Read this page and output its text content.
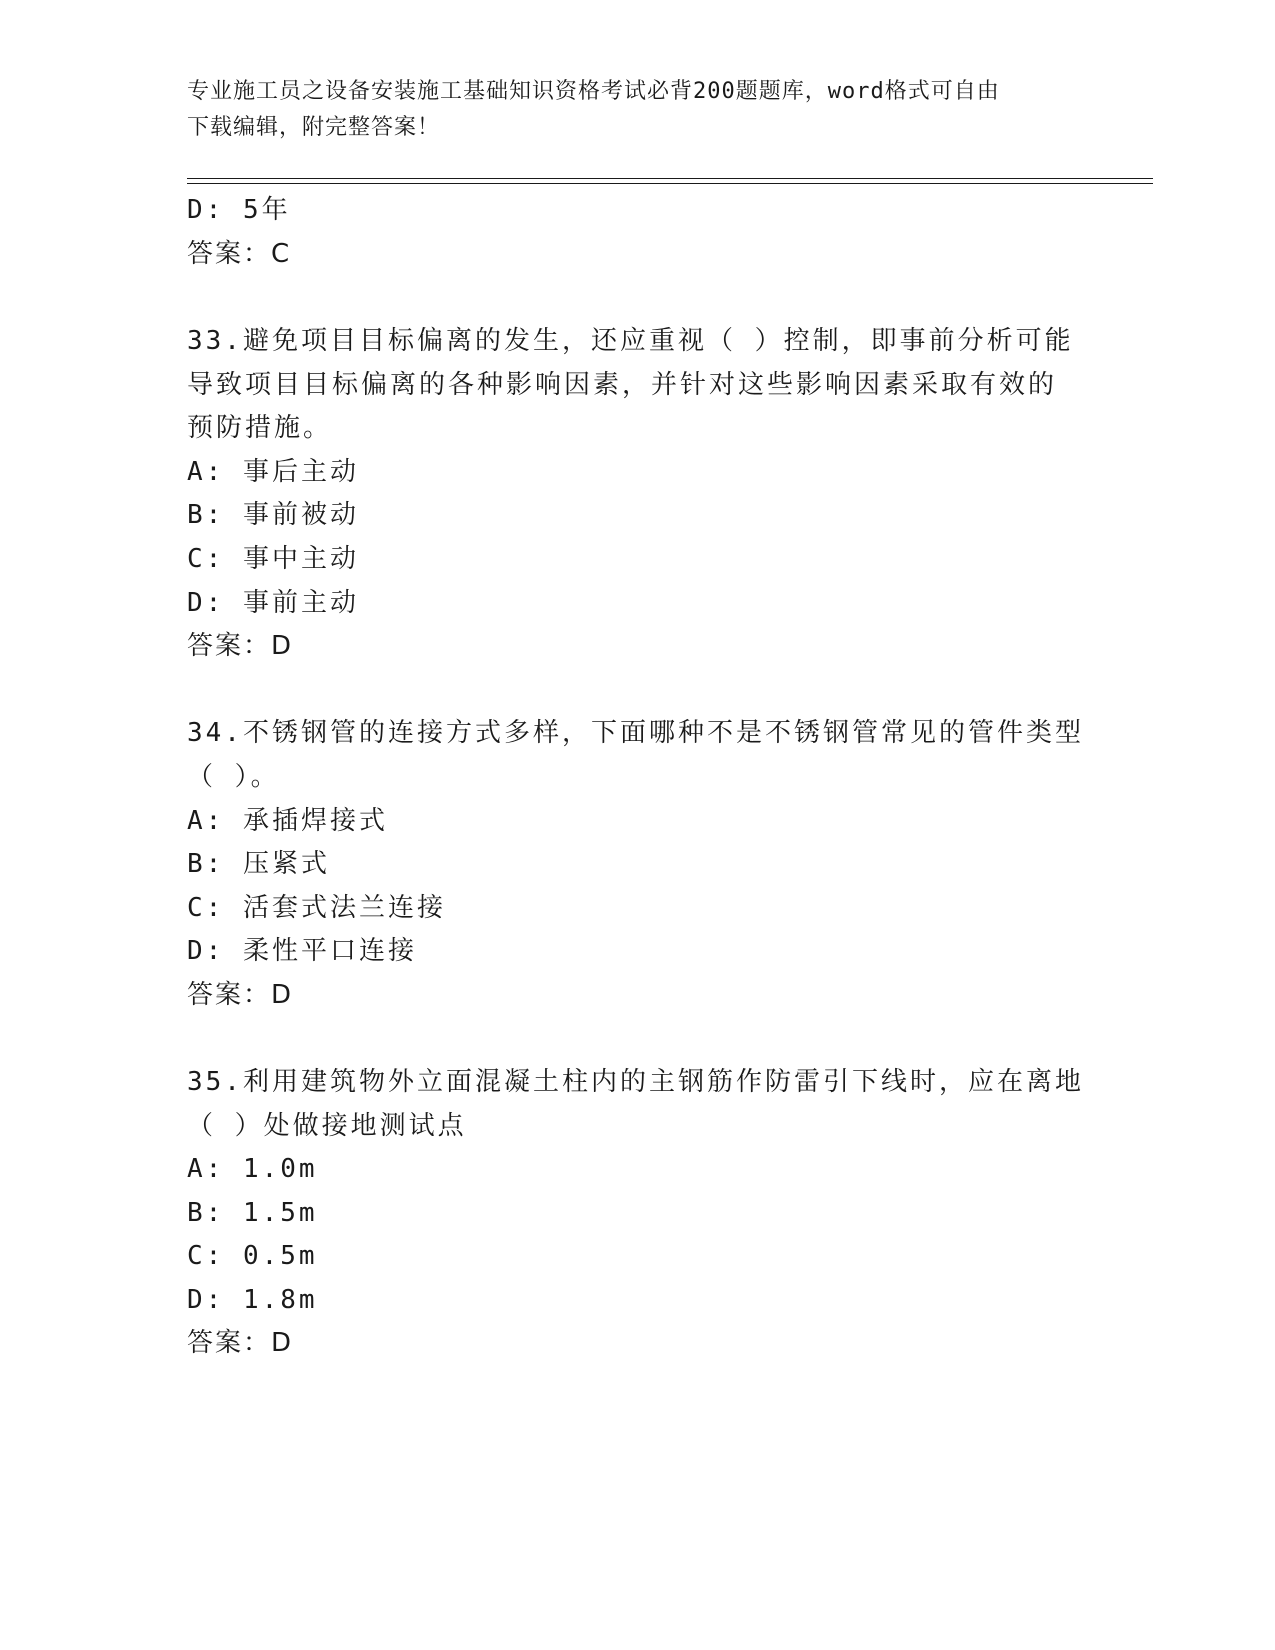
专业施工员之设备安装施工基础知识资格考试必背200题题库，word格式可自由
下载编辑，附完整答案！
D: 5年
答案：C
33.避免项目目标偏离的发生，还应重视（ ）控制，即事前分析可能
导致项目目标偏离的各种影响因素，并针对这些影响因素采取有效的
预防措施。
A: 事后主动
B: 事前被动
C: 事中主动
D: 事前主动
答案：D
34.不锈钢管的连接方式多样，下面哪种不是不锈钢管常见的管件类型
（ ）。
A: 承插焊接式
B: 压紧式
C: 活套式法兰连接
D: 柔性平口连接
答案：D
35.利用建筑物外立面混凝土柱内的主钢筋作防雷引下线时，应在离地
（ ）处做接地测试点
A: 1.0m
B: 1.5m
C: 0.5m
D: 1.8m
答案：D
